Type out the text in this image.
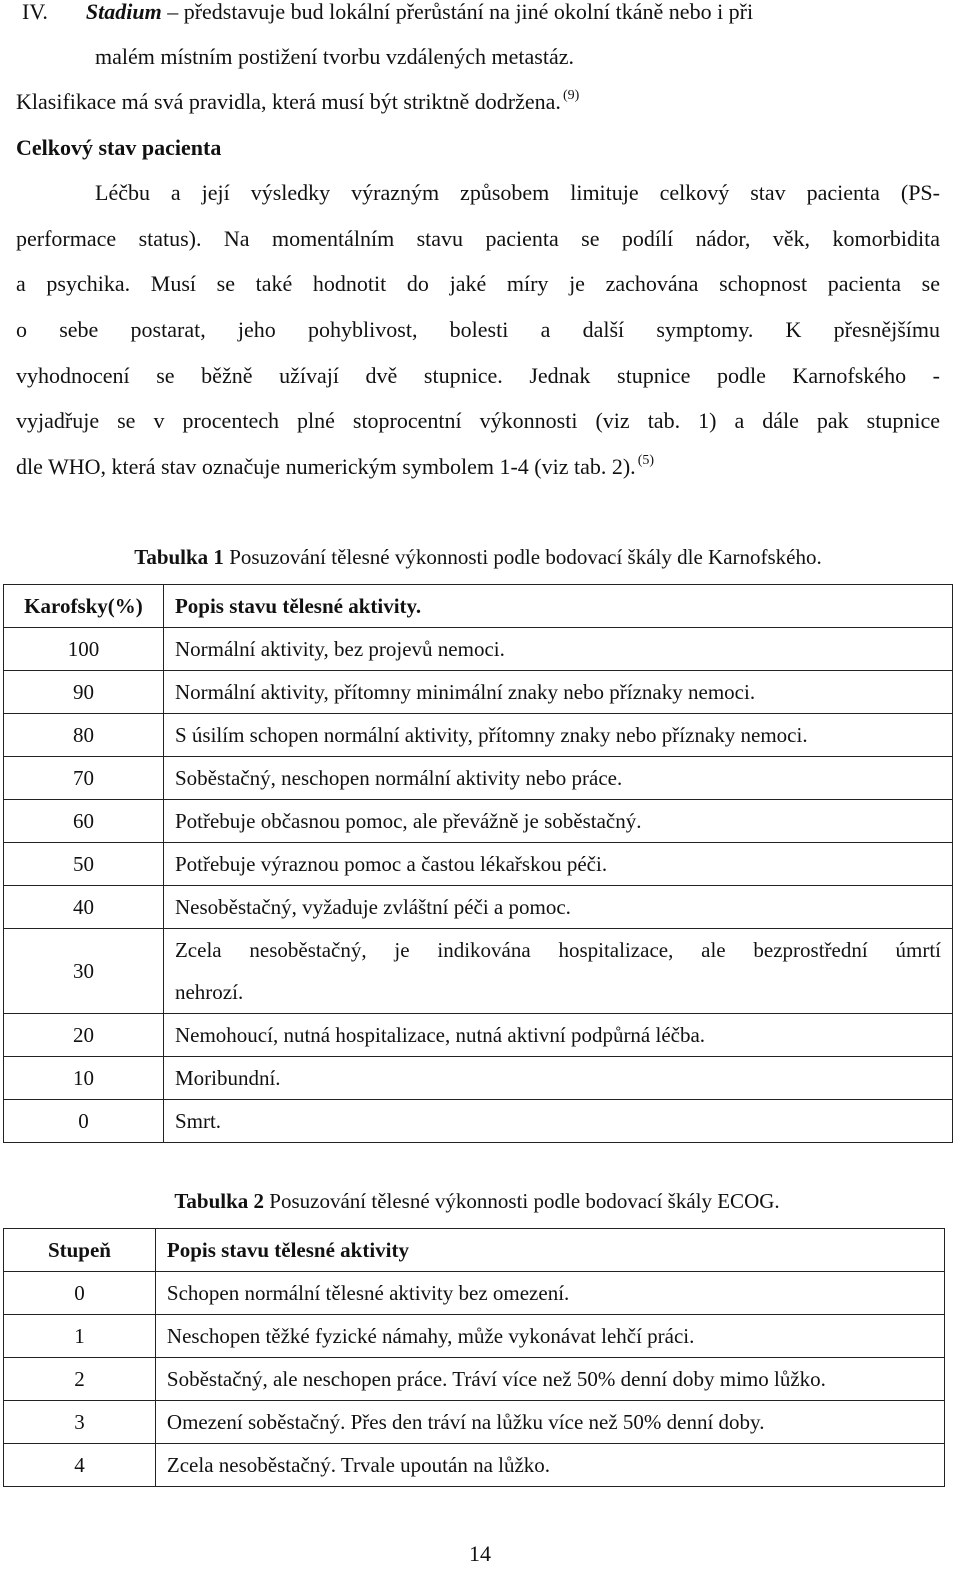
IV. Stadium – představuje bud lokální přerůstání na jiné okolní tkáně nebo i při
malém místním postižení tvorbu vzdálených metastáz.
Klasifikace má svá pravidla, která musí být striktně dodržena. $^{(9)}$
Celkový stav pacienta
Léčbu a její výsledky výrazným způsobem limituje celkový stav pacienta (PS-
performace status). Na momentálním stavu pacienta se podílí nádor, věk, komorbidita
a psychika. Musí se také hodnotit do jaké míry je zachována schopnost pacienta se
o sebe postarat, jeho pohyblivost, bolesti a další symptomy. K přesnějšímu
vyhodnocení se běžně užívají dvě stupnice. Jednak stupnice podle Karnofského -
vyjadřuje se v procentech plné stoprocentní výkonnosti (viz tab. 1) a dále pak stupnice
dle WHO, která stav označuje numerickým symbolem 1-4 (viz tab. 2). $^{(5)}$
Tabulka 1 Posuzování tělesné výkonnosti podle bodovací škály dle Karnofského.
Karofsky(%)	Popis stavu tělesné aktivity.
100	Normální aktivity, bez projevů nemoci.
90	Normální aktivity, přítomny minimální znaky nebo příznaky nemoci.
80	S úsilím schopen normální aktivity, přítomny znaky nebo příznaky nemoci.
70	Soběstačný, neschopen normální aktivity nebo práce.
60	Potřebuje občasnou pomoc, ale převážně je soběstačný.
50	Potřebuje výraznou pomoc a častou lékařskou péči.
40	Nesoběstačný, vyžaduje zvláštní péči a pomoc.
30	Zcela nesoběstačný, je indikována hospitalizace, ale bezprostřední úmrtí
nehrozí.

20	Nemohoucí, nutná hospitalizace, nutná aktivní podpůrná léčba.
10	Moribundní.
0	Smrt.
Tabulka 2 Posuzování tělesné výkonnosti podle bodovací škály ECOG.
Stupeň	Popis stavu tělesné aktivity
0	Schopen normální tělesné aktivity bez omezení.
1	Neschopen těžké fyzické námahy, může vykonávat lehčí práci.
2	Soběstačný, ale neschopen práce. Tráví více než 50% denní doby mimo lůžko.
3	Omezení soběstačný. Přes den tráví na lůžku více než 50% denní doby.
4	Zcela nesoběstačný. Trvale upoután na lůžko.
14
